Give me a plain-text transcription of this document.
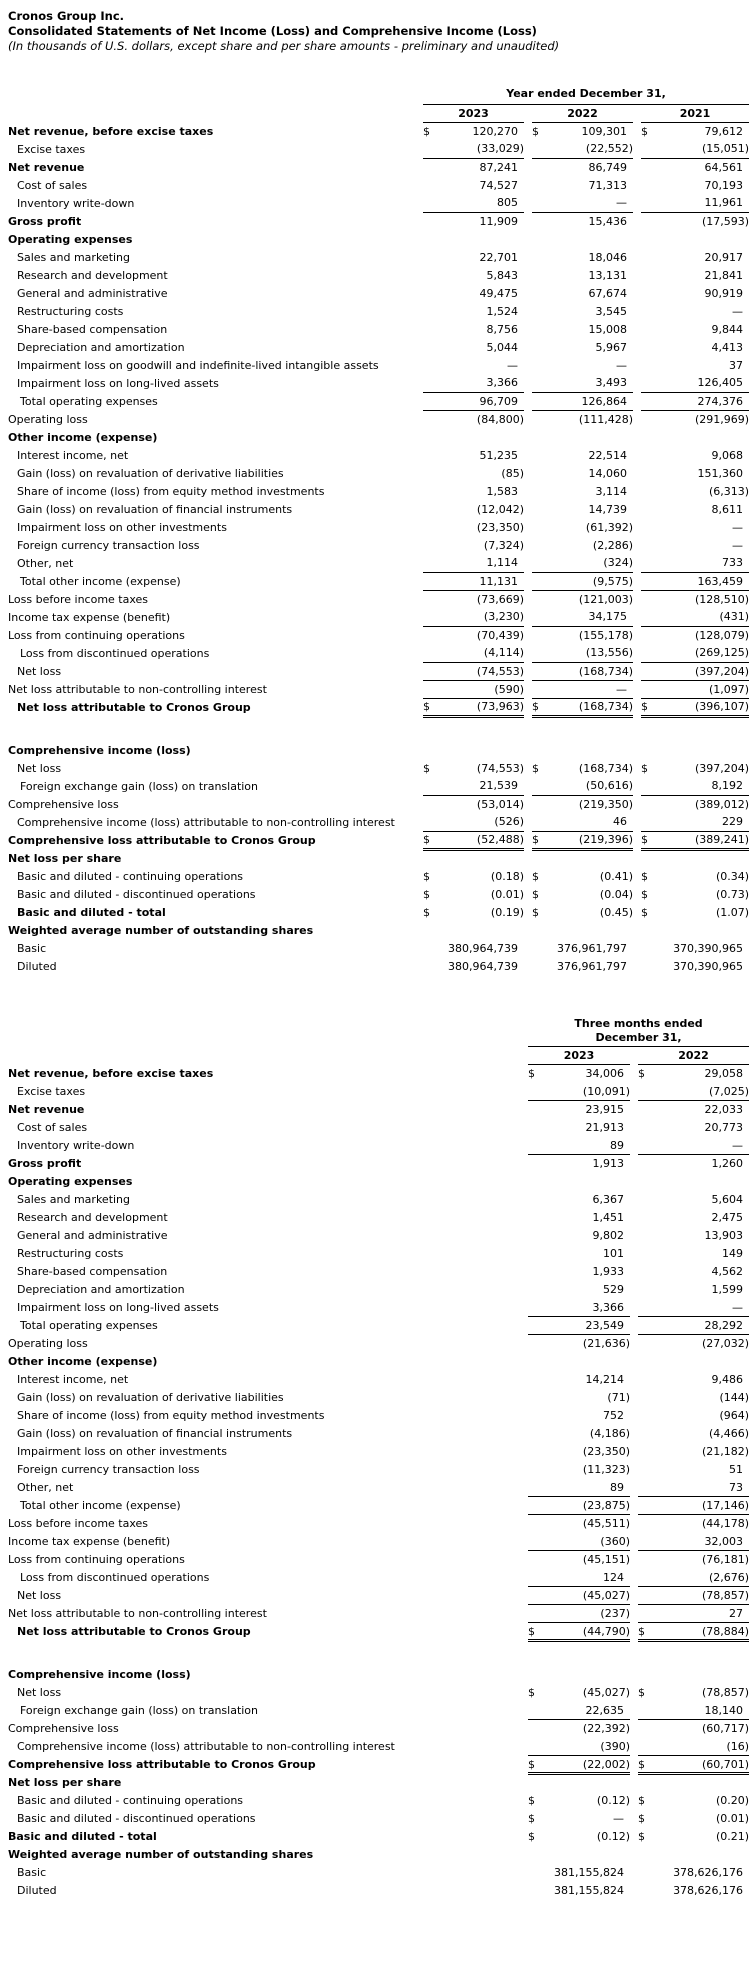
Cronos Group Inc.
Consolidated Statements of Net Income (Loss) and Comprehensive Income (Loss)
(In thousands of U.S. dollars, except share and per share amounts - preliminary and unaudited)

	Year ended December 31,							

	2023			2022			2021	
Net revenue, before excise taxes	$	120,270		$	109,301		$	79,612
Excise taxes		(33,029)			(22,552)			(15,051)
Net revenue		87,241			86,749			64,561
Cost of sales		74,527			71,313			70,193
Inventory write-down		805			—			11,961
Gross profit		11,909			15,436			(17,593)
Operating expenses								
Sales and marketing		22,701			18,046			20,917
Research and development		5,843			13,131			21,841
General and administrative		49,475			67,674			90,919
Restructuring costs		1,524			3,545			—
Share-based compensation		8,756			15,008			9,844
Depreciation and amortization		5,044			5,967			4,413
Impairment loss on goodwill and indefinite-lived intangible assets		—			—			37
Impairment loss on long-lived assets		3,366			3,493			126,405
Total operating expenses		96,709			126,864			274,376
Operating loss		(84,800)			(111,428)			(291,969)
Other income (expense)								
Interest income, net		51,235			22,514			9,068
Gain (loss) on revaluation of derivative liabilities		(85)			14,060			151,360
Share of income (loss) from equity method investments		1,583			3,114			(6,313)
Gain (loss) on revaluation of financial instruments		(12,042)			14,739			8,611
Impairment loss on other investments		(23,350)			(61,392)			—
Foreign currency transaction loss		(7,324)			(2,286)			—
Other, net		1,114			(324)			733
Total other income (expense)		11,131			(9,575)			163,459
Loss before income taxes		(73,669)			(121,003)			(128,510)
Income tax expense (benefit)		(3,230)			34,175			(431)
Loss from continuing operations		(70,439)			(155,178)			(128,079)
Loss from discontinued operations		(4,114)			(13,556)			(269,125)
Net loss		(74,553)			(168,734)			(397,204)
Net loss attributable to non-controlling interest		(590)			—			(1,097)
Net loss attributable to Cronos Group	$	(73,963)		$	(168,734)		$	(396,107)

Comprehensive income (loss)								
Net loss	$	(74,553)		$	(168,734)		$	(397,204)
Foreign exchange gain (loss) on translation		21,539			(50,616)			8,192
Comprehensive loss		(53,014)			(219,350)			(389,012)
Comprehensive income (loss) attributable to non-controlling interest		(526)			46			229
Comprehensive loss attributable to Cronos Group	$	(52,488)		$	(219,396)		$	(389,241)
Net loss per share								
Basic and diluted - continuing operations	$	(0.18)		$	(0.41)		$	(0.34)
Basic and diluted - discontinued operations	$	(0.01)		$	(0.04)		$	(0.73)
Basic and diluted - total	$	(0.19)		$	(0.45)		$	(1.07)
Weighted average number of outstanding shares								
Basic		380,964,739			376,961,797			370,390,965
Diluted		380,964,739			376,961,797			370,390,965

	Three months ended
December 31,				

	2023			2022	
Net revenue, before excise taxes	$	34,006		$	29,058
Excise taxes		(10,091)			(7,025)
Net revenue		23,915			22,033
Cost of sales		21,913			20,773
Inventory write-down		89			—
Gross profit		1,913			1,260
Operating expenses					
Sales and marketing		6,367			5,604
Research and development		1,451			2,475
General and administrative		9,802			13,903
Restructuring costs		101			149
Share-based compensation		1,933			4,562
Depreciation and amortization		529			1,599
Impairment loss on long-lived assets		3,366			—
Total operating expenses		23,549			28,292
Operating loss		(21,636)			(27,032)
Other income (expense)					
Interest income, net		14,214			9,486
Gain (loss) on revaluation of derivative liabilities		(71)			(144)
Share of income (loss) from equity method investments		752			(964)
Gain (loss) on revaluation of financial instruments		(4,186)			(4,466)
Impairment loss on other investments		(23,350)			(21,182)
Foreign currency transaction loss		(11,323)			51
Other, net		89			73
Total other income (expense)		(23,875)			(17,146)
Loss before income taxes		(45,511)			(44,178)
Income tax expense (benefit)		(360)			32,003
Loss from continuing operations		(45,151)			(76,181)
Loss from discontinued operations		124			(2,676)
Net loss		(45,027)			(78,857)
Net loss attributable to non-controlling interest		(237)			27
Net loss attributable to Cronos Group	$	(44,790)		$	(78,884)

Comprehensive income (loss)					
Net loss	$	(45,027)		$	(78,857)
Foreign exchange gain (loss) on translation		22,635			18,140
Comprehensive loss		(22,392)			(60,717)
Comprehensive income (loss) attributable to non-controlling interest		(390)			(16)
Comprehensive loss attributable to Cronos Group	$	(22,002)		$	(60,701)
Net loss per share					
Basic and diluted - continuing operations	$	(0.12)		$	(0.20)
Basic and diluted - discontinued operations	$	—		$	(0.01)
Basic and diluted - total	$	(0.12)		$	(0.21)
Weighted average number of outstanding shares					
Basic		381,155,824			378,626,176
Diluted		381,155,824			378,626,176
